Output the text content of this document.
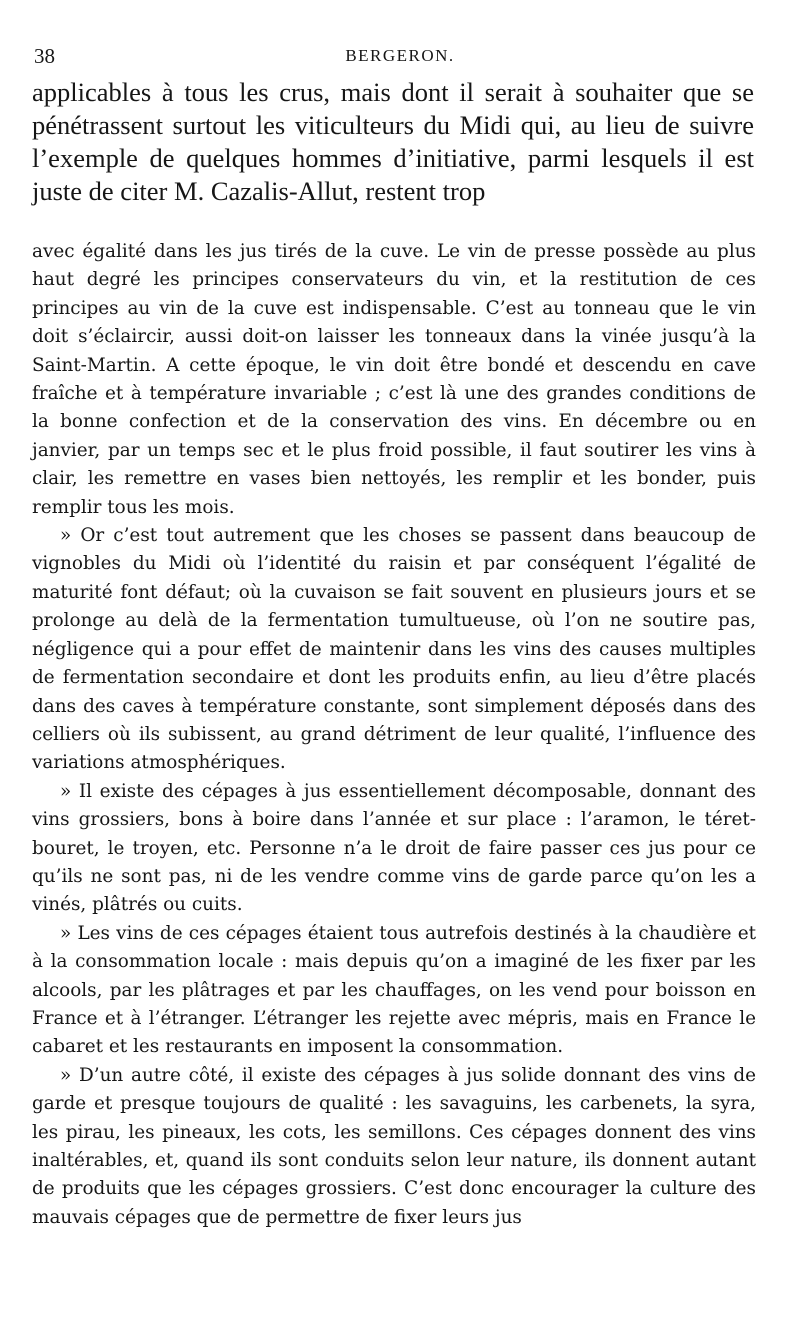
38	BERGERON.
applicables à tous les crus, mais dont il serait à souhaiter que se pénétrassent surtout les viticulteurs du Midi qui, au lieu de suivre l’exemple de quelques hommes d’initiative, parmi lesquels il est juste de citer M. Cazalis-Allut, restent trop

avec égalité dans les jus tirés de la cuve. Le vin de presse possède au plus haut degré les principes conservateurs du vin, et la restitution de ces principes au vin de la cuve est indispensable. C’est au tonneau que le vin doit s’éclaircir, aussi doit-on laisser les tonneaux dans la vinée jusqu’à la Saint-Martin. A cette époque, le vin doit être bondé et descendu en cave fraîche et à température invariable ; c’est là une des grandes conditions de la bonne confection et de la conservation des vins. En décembre ou en janvier, par un temps sec et le plus froid possible, il faut soutirer les vins à clair, les remettre en vases bien nettoyés, les remplir et les bonder, puis remplir tous les mois.

» Or c’est tout autrement que les choses se passent dans beaucoup de vignobles du Midi où l’identité du raisin et par conséquent l’égalité de maturité font défaut; où la cuvaison se fait souvent en plusieurs jours et se prolonge au delà de la fermentation tumultueuse, où l’on ne soutire pas, négligence qui a pour effet de maintenir dans les vins des causes multiples de fermentation secondaire et dont les produits enfin, au lieu d’être placés dans des caves à température constante, sont simplement déposés dans des celliers où ils subissent, au grand détriment de leur qualité, l’influence des variations atmosphériques.

» Il existe des cépages à jus essentiellement décomposable, donnant des vins grossiers, bons à boire dans l’année et sur place : l’aramon, le téret-bouret, le troyen, etc. Personne n’a le droit de faire passer ces jus pour ce qu’ils ne sont pas, ni de les vendre comme vins de garde parce qu’on les a vinés, plâtrés ou cuits.

» Les vins de ces cépages étaient tous autrefois destinés à la chaudière et à la consommation locale : mais depuis qu’on a imaginé de les fixer par les alcools, par les plâtrages et par les chauffages, on les vend pour boisson en France et à l’étranger. L’étranger les rejette avec mépris, mais en France le cabaret et les restaurants en imposent la consommation.

» D’un autre côté, il existe des cépages à jus solide donnant des vins de garde et presque toujours de qualité : les savaguins, les carbenets, la syra, les pirau, les pineaux, les cots, les semillons. Ces cépages donnent des vins inaltérables, et, quand ils sont conduits selon leur nature, ils donnent autant de produits que les cépages grossiers. C’est donc encourager la culture des mauvais cépages que de permettre de fixer leurs jus
